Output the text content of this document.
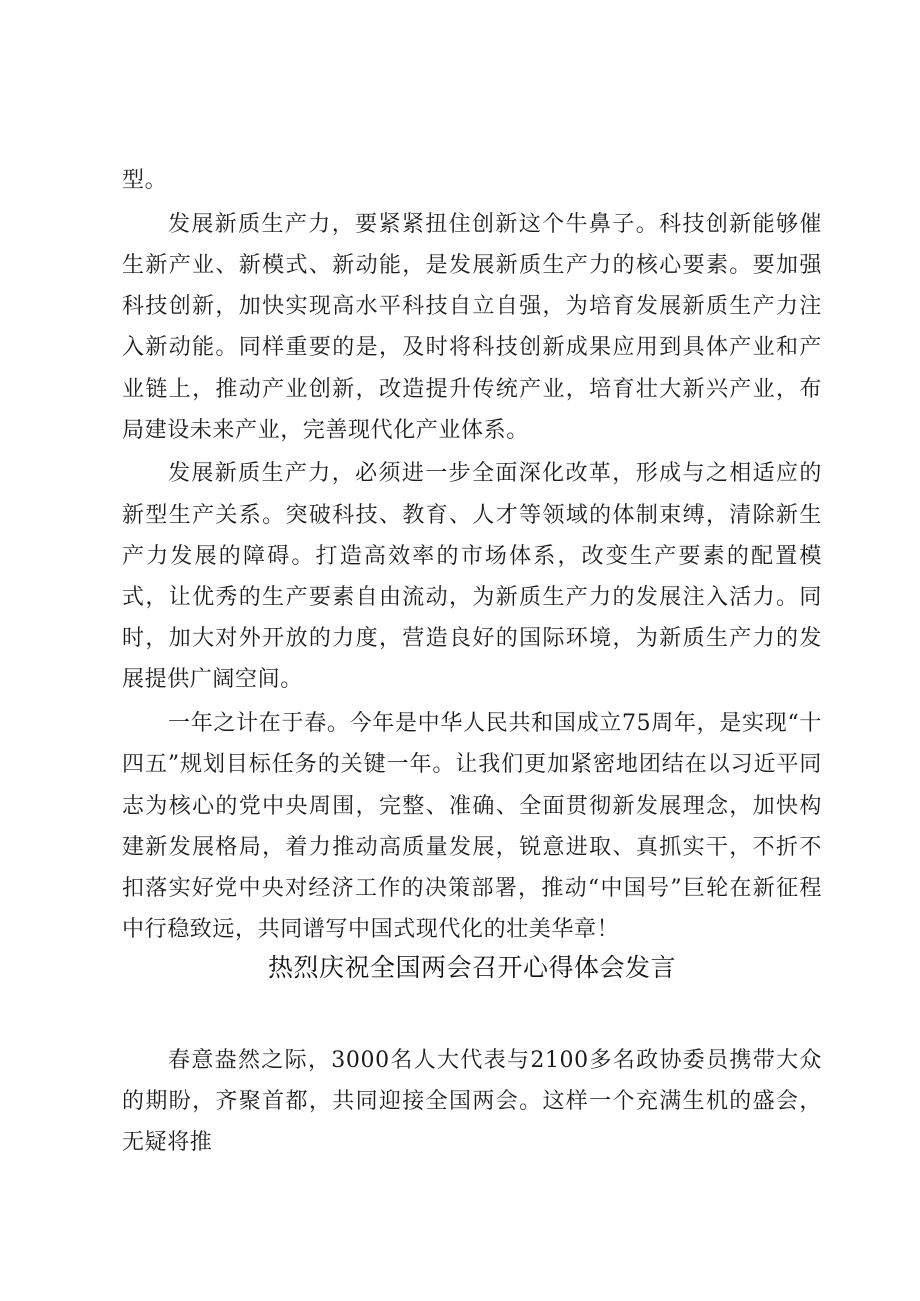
型。

发展新质生产力，要紧紧扭住创新这个牛鼻子。科技创新能够催生新产业、新模式、新动能，是发展新质生产力的核心要素。要加强科技创新，加快实现高水平科技自立自强，为培育发展新质生产力注入新动能。同样重要的是，及时将科技创新成果应用到具体产业和产业链上，推动产业创新，改造提升传统产业，培育壮大新兴产业，布局建设未来产业，完善现代化产业体系。

发展新质生产力，必须进一步全面深化改革，形成与之相适应的新型生产关系。突破科技、教育、人才等领域的体制束缚，清除新生产力发展的障碍。打造高效率的市场体系，改变生产要素的配置模式，让优秀的生产要素自由流动，为新质生产力的发展注入活力。同时，加大对外开放的力度，营造良好的国际环境，为新质生产力的发展提供广阔空间。

一年之计在于春。今年是中华人民共和国成立75周年，是实现“十四五”规划目标任务的关键一年。让我们更加紧密地团结在以习近平同志为核心的党中央周围，完整、准确、全面贯彻新发展理念，加快构建新发展格局，着力推动高质量发展，锐意进取、真抓实干，不折不扣落实好党中央对经济工作的决策部署，推动“中国号”巨轮在新征程中行稳致远，共同谱写中国式现代化的壮美华章！

热烈庆祝全国两会召开心得体会发言

春意盎然之际，3000名人大代表与2100多名政协委员携带大众的期盼，齐聚首都，共同迎接全国两会。这样一个充满生机的盛会，无疑将推
